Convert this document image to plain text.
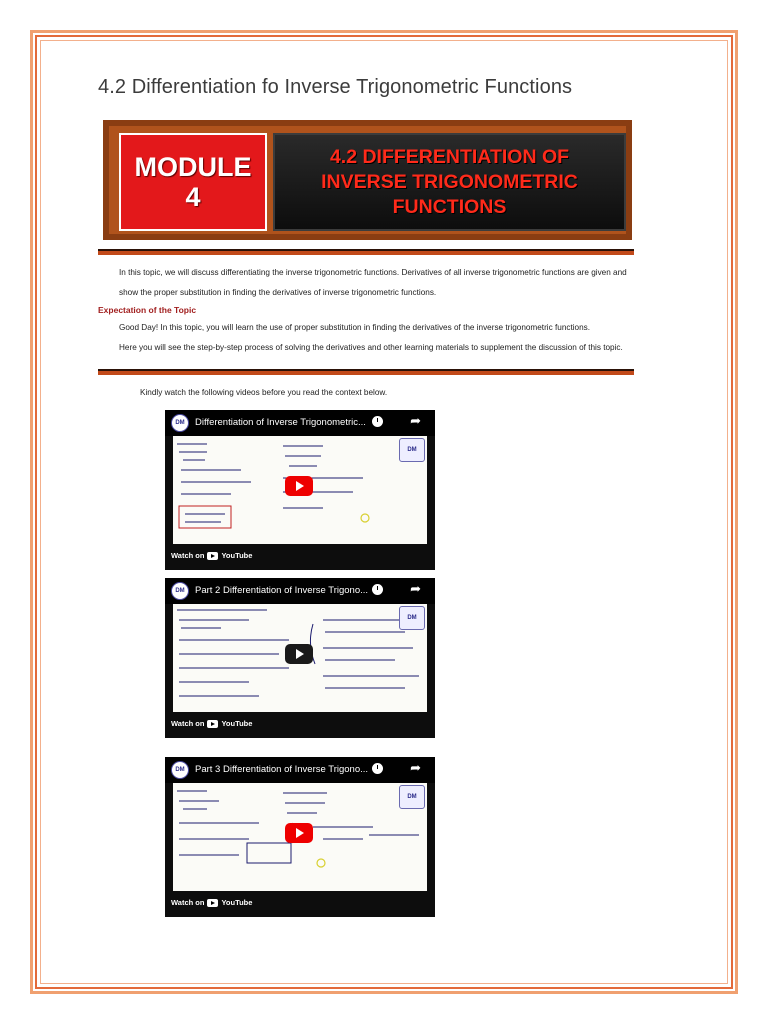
4.2 Differentiation fo Inverse Trigonometric Functions
MODULE
4
4.2 DIFFERENTIATION OF
INVERSE TRIGONOMETRIC
FUNCTIONS
In this topic, we will discuss differentiating the inverse trigonometric functions. Derivatives of all inverse trigonometric functions are given and
show the proper substitution in finding the derivatives of inverse trigonometric functions.
Expectation of the Topic
Good Day! In this topic, you will learn the use of proper substitution in finding the derivatives of the inverse trigonometric functions.
Here you will see the step-by-step process of solving the derivatives and other learning materials to supplement the discussion of this topic.
Kindly watch the following videos before you read the context below.
DM
DM	Differentiation of Inverse Trigonometric...	➦
Watch on YouTube
DM
DM	Part 2 Differentiation of Inverse Trigono...	➦
Watch on YouTube
DM
DM	Part 3 Differentiation of Inverse Trigono...	➦
Watch on YouTube
